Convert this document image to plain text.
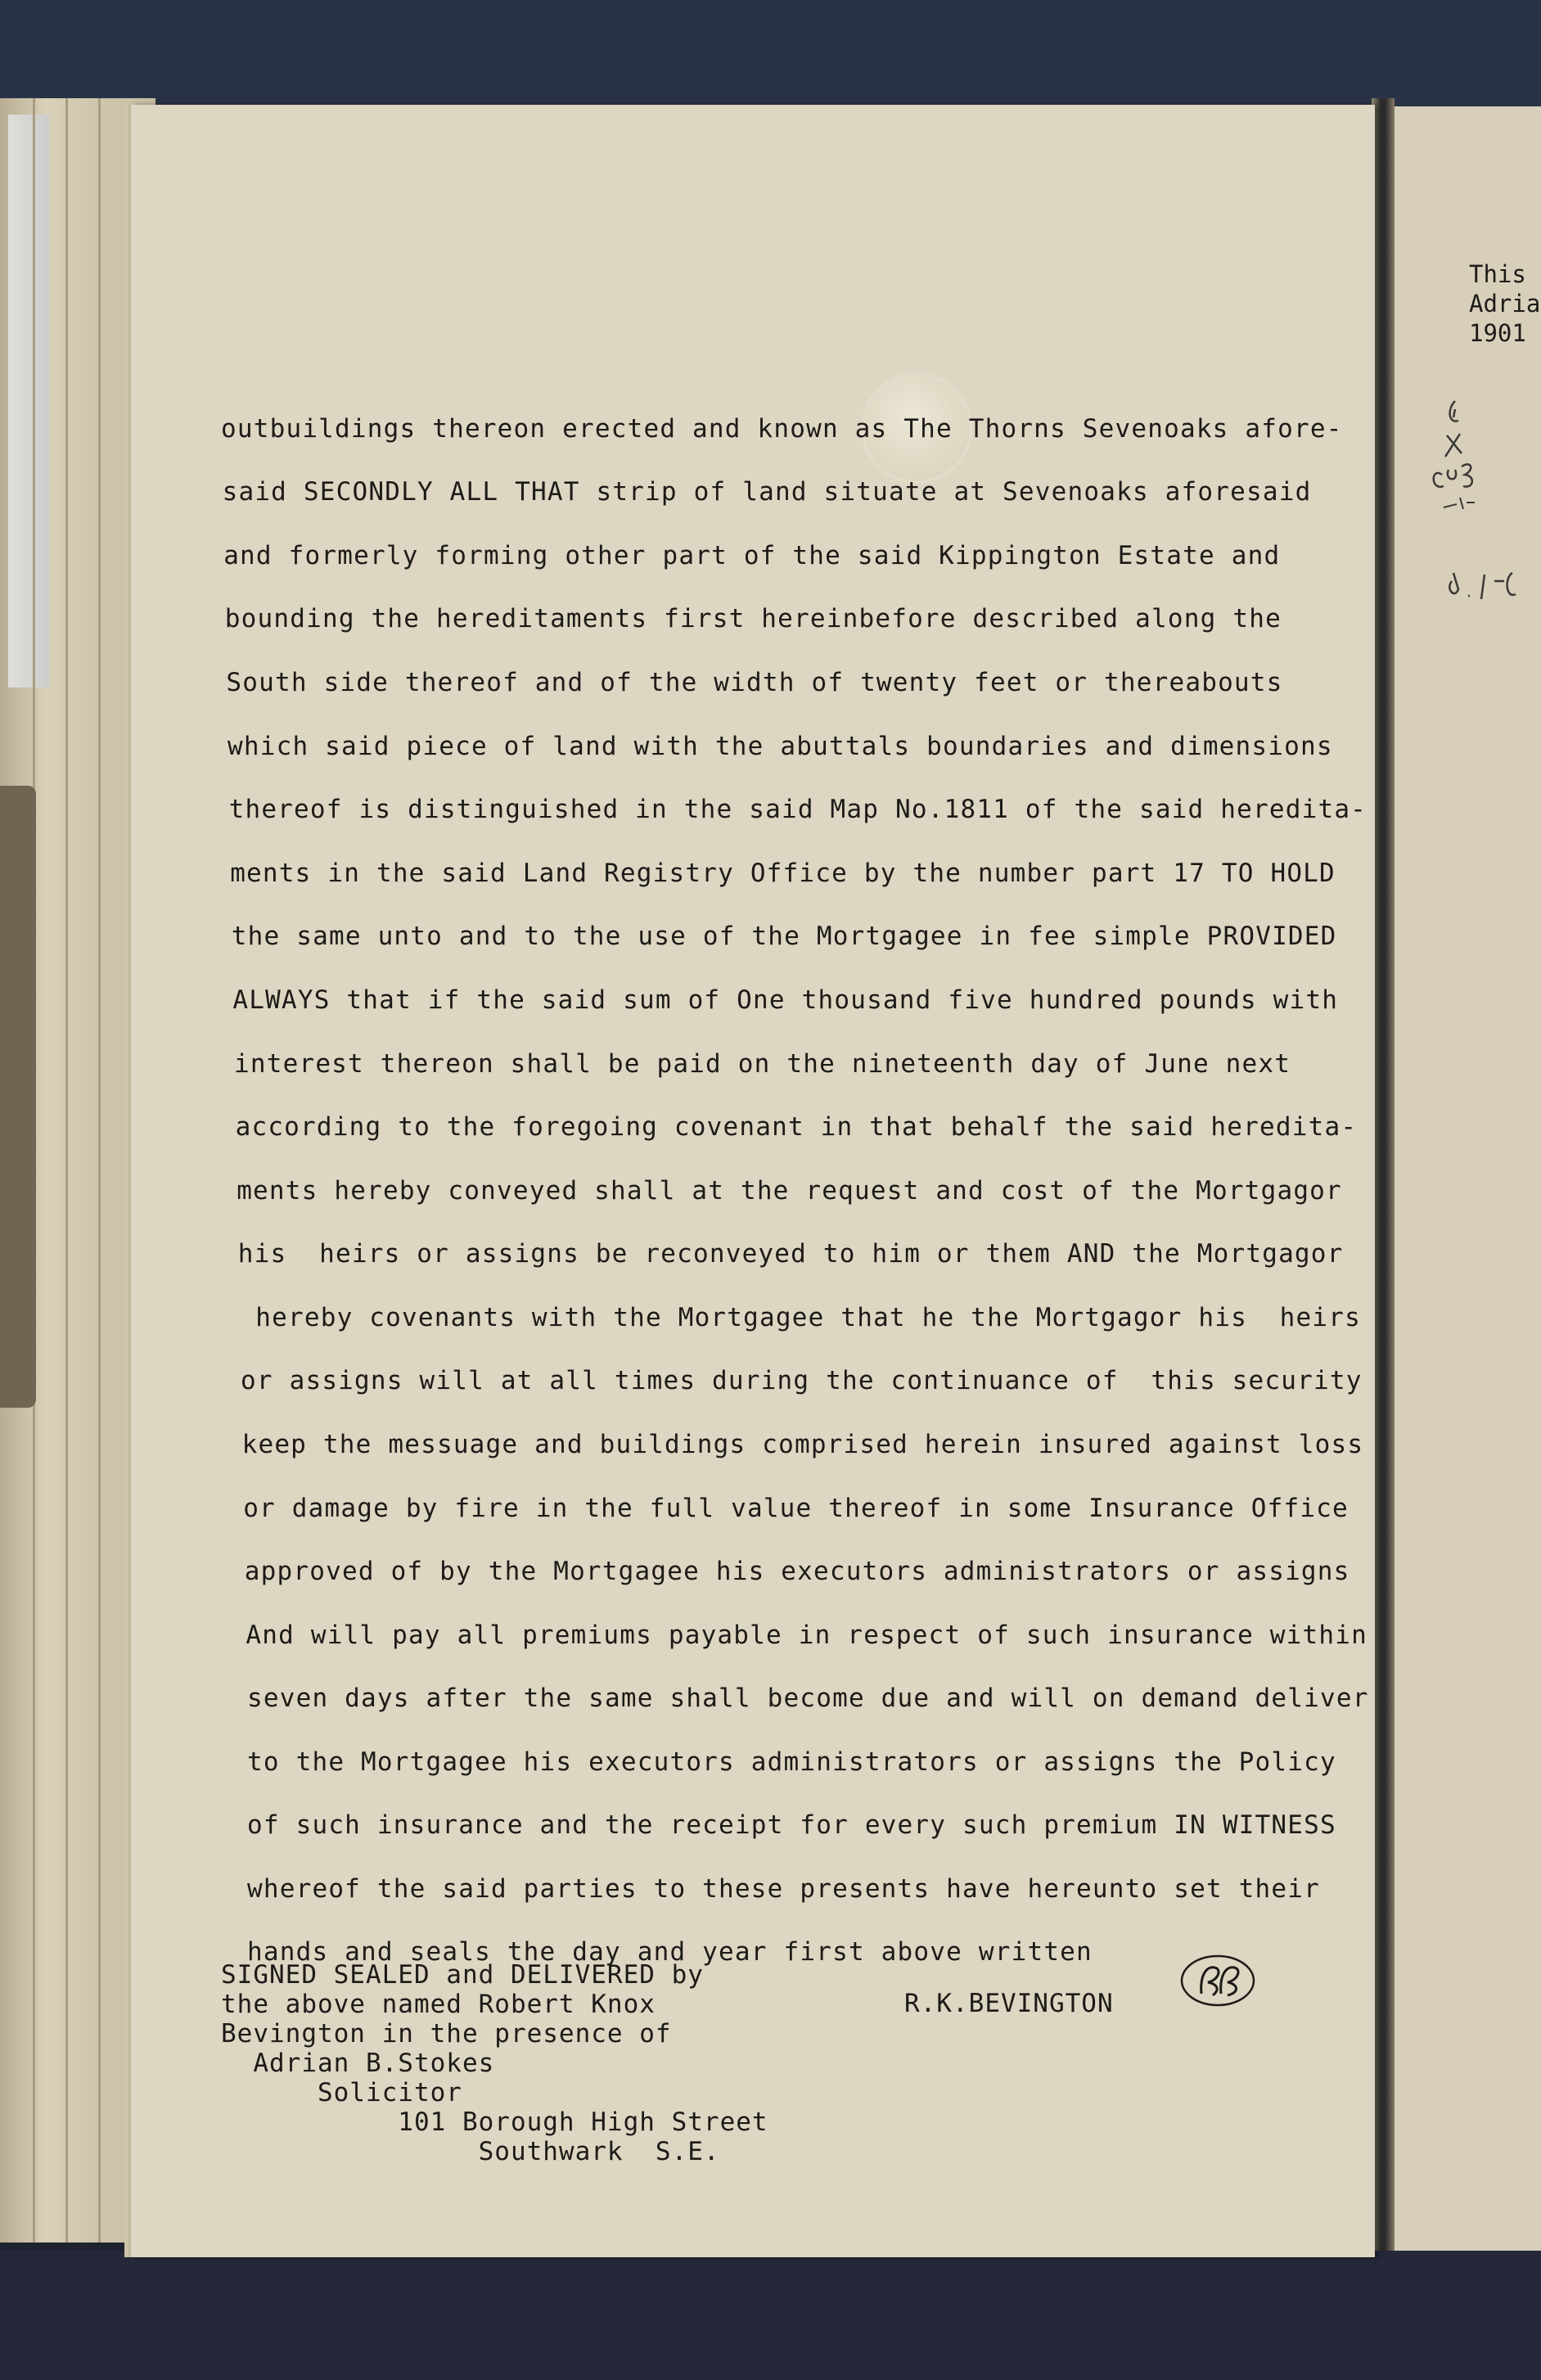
outbuildings thereon erected and known as The Thorns Sevenoaks afore-
said SECONDLY ALL THAT strip of land situate at Sevenoaks aforesaid
and formerly forming other part of the said Kippington Estate and
bounding the hereditaments first hereinbefore described along the
South side thereof and of the width of twenty feet or thereabouts
which said piece of land with the abuttals boundaries and dimensions
thereof is distinguished in the said Map No.1811 of the said heredita-
ments in the said Land Registry Office by the number part 17 TO HOLD
the same unto and to the use of the Mortgagee in fee simple PROVIDED
ALWAYS that if the said sum of One thousand five hundred pounds with
interest thereon shall be paid on the nineteenth day of June next
according to the foregoing covenant in that behalf the said heredita-
ments hereby conveyed shall at the request and cost of the Mortgagor
his  heirs or assigns be reconveyed to him or them AND the Mortgagor
hereby covenants with the Mortgagee that he the Mortgagor his  heirs
or assigns will at all times during the continuance of  this security
keep the messuage and buildings comprised herein insured against loss
or damage by fire in the full value thereof in some Insurance Office
approved of by the Mortgagee his executors administrators or assigns
And will pay all premiums payable in respect of such insurance within
seven days after the same shall become due and will on demand deliver
to the Mortgagee his executors administrators or assigns the Policy
of such insurance and the receipt for every such premium IN WITNESS
whereof the said parties to these presents have hereunto set their
hands and seals the day and year first above written
SIGNED SEALED and DELIVERED by
the above named Robert Knox
Bevington in the presence of
Adrian B.Stokes
Solicitor
101 Borough High Street
Southwark  S.E.
R.K.BEVINGTON
This
Adria
1901
